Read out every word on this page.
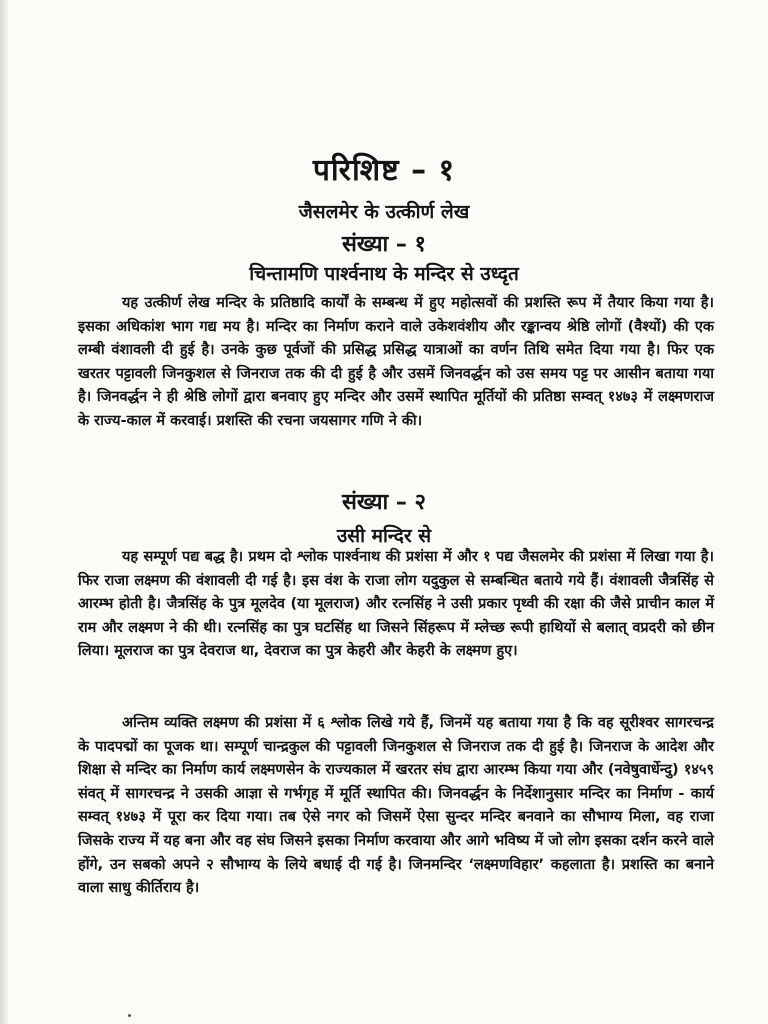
परिशिष्ट – १
जैसलमेर के उत्कीर्ण लेख
संख्या – १
चिन्तामणि पार्श्वनाथ के मन्दिर से उध्दृत

यह उत्कीर्ण लेख मन्दिर के प्रतिष्ठादि कार्यों के सम्बन्ध में हुए महोत्सवों की प्रशस्ति रूप में तैयार किया गया है। इसका अधिकांश भाग गद्य मय है। मन्दिर का निर्माण कराने वाले उकेशवंशीय और रङ्कान्वय श्रेष्ठि लोगों (वैश्यों) की एक लम्बी वंशावली दी हुई है। उनके कुछ पूर्वजों की प्रसिद्ध प्रसिद्ध यात्राओं का वर्णन तिथि समेत दिया गया है। फिर एक खरतर पट्टावली जिनकुशल से जिनराज तक की दी हुई है और उसमें जिनवर्द्धन को उस समय पट्ट पर आसीन बताया गया है। जिनवर्द्धन ने ही श्रेष्ठि लोगों द्वारा बनवाए हुए मन्दिर और उसमें स्थापित मूर्तियों की प्रतिष्ठा सम्वत् १४७३ में लक्ष्मणराज के राज्य-काल में करवाई। प्रशस्ति की रचना जयसागर गणि ने की।

संख्या – २
उसी मन्दिर से

यह सम्पूर्ण पद्य बद्ध है। प्रथम दो श्लोक पार्श्वनाथ की प्रशंसा में और १ पद्य जैसलमेर की प्रशंसा में लिखा गया है। फिर राजा लक्ष्मण की वंशावली दी गई है। इस वंश के राजा लोग यदुकुल से सम्बन्धित बताये गये हैं। वंशावली जैत्रसिंह से आरम्भ होती है। जैत्रसिंह के पुत्र मूलदेव (या मूलराज) और रत्नसिंह ने उसी प्रकार पृथ्वी की रक्षा की जैसे प्राचीन काल में राम और लक्ष्मण ने की थी। रत्नसिंह का पुत्र घटसिंह था जिसने सिंहरूप में म्लेच्छ रूपी हाथियों से बलात् वप्रदरी को छीन लिया। मूलराज का पुत्र देवराज था, देवराज का पुत्र केहरी और केहरी के लक्ष्मण हुए।

अन्तिम व्यक्ति लक्ष्मण की प्रशंसा में ६ श्लोक लिखे गये हैं, जिनमें यह बताया गया है कि वह सूरीश्वर सागरचन्द्र के पादपद्मों का पूजक था। सम्पूर्ण चान्द्रकुल की पट्टावली जिनकुशल से जिनराज तक दी हुई है। जिनराज के आदेश और शिक्षा से मन्दिर का निर्माण कार्य लक्ष्मणसेन के राज्यकाल में खरतर संघ द्वारा आरम्भ किया गया और (नवेषुवार्धेन्दु) १४५९ संवत् में सागरचन्द्र ने उसकी आज्ञा से गर्भगृह में मूर्ति स्थापित की। जिनवर्द्धन के निर्देशानुसार मन्दिर का निर्माण - कार्य सम्वत् १४७३ में पूरा कर दिया गया। तब ऐसे नगर को जिसमें ऐसा सुन्दर मन्दिर बनवाने का सौभाग्य मिला, वह राजा जिसके राज्य में यह बना और वह संघ जिसने इसका निर्माण करवाया और आगे भविष्य में जो लोग इसका दर्शन करने वाले होंगे, उन सबको अपने २ सौभाग्य के लिये बधाई दी गई है। जिनमन्दिर ‘लक्ष्मणविहार’ कहलाता है। प्रशस्ति का बनाने वाला साधु कीर्तिराय है।
